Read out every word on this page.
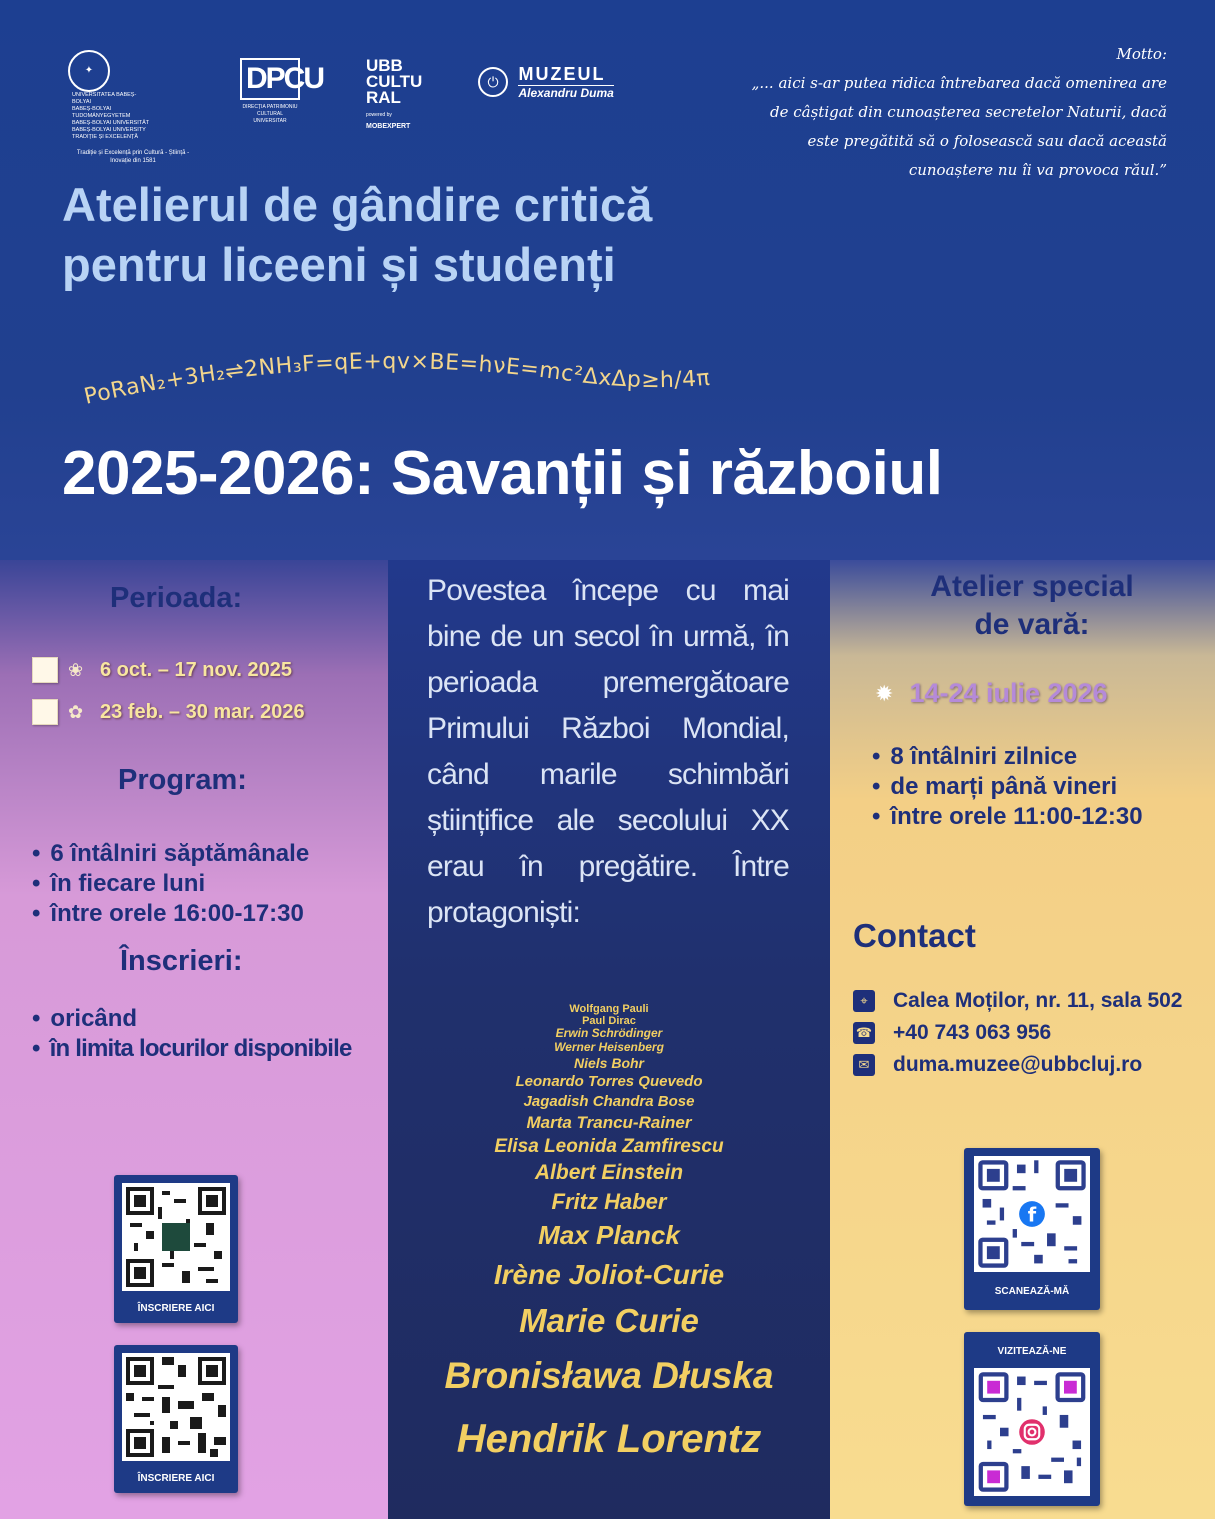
✦
UNIVERSITATEA BABEȘ-BOLYAI
BABEȘ-BOLYAI TUDOMÁNYEGYETEM
BABEȘ-BOLYAI UNIVERSITÄT
BABEȘ-BOLYAI UNIVERSITY
TRADIȚIE ȘI EXCELENȚĂ
Tradiție și Excelență prin Cultură - Știință - Inovație din 1581
DPCU
DIRECȚIA PATRIMONIU CULTURAL UNIVERSITAR
UBB
CULTU
RAL
powered by
MOBEXPERT
⏻ MUZEUL
Alexandru Duma
Motto:
„... aici s-ar putea ridica întrebarea dacă omenirea are
de câștigat din cunoașterea secretelor Naturii, dacă
este pregătită să o folosească sau dacă această
cunoaștere nu îi va provoca răul.”
Atelierul de gândire critică
pentru liceeni și studenți
PoRaN₂+3H₂⇌2NH₃F=qE+qv×BE=hνE=mc²ΔxΔp≥h/4π
2025-2026: Savanții și războiul
Perioada:
❀ 6 oct. – 17 nov. 2025
✿ 23 feb. – 30 mar. 2026
Program:
• 6 întâlniri săptămânale
• în fiecare luni
• între orele 16:00-17:30
Înscrieri:
• oricând
• în limita locurilor disponibile
ÎNSCRIERE AICI
ÎNSCRIERE AICI
Povestea începe cu mai bine de un secol în urmă, în perioada premergătoare Primului Război Mondial, când marile schimbări științifice ale secolului XX erau în pregătire. Între protagoniști:
Wolfgang Pauli
Paul Dirac
Erwin Schrödinger
Werner Heisenberg
Niels Bohr
Leonardo Torres Quevedo
Jagadish Chandra Bose
Marta Trancu-Rainer
Elisa Leonida Zamfirescu
Albert Einstein
Fritz Haber
Max Planck
Irène Joliot-Curie
Marie Curie
Bronisława Dłuska
Hendrik Lorentz
Atelier special
de vară:
✹ 14-24 iulie 2026
• 8 întâlniri zilnice
• de marți până vineri
• între orele 11:00-12:30
Contact
⌖	Calea Moților, nr. 11, sala 502
☎ +40 743 063 956
✉ duma.muzee@ubbcluj.ro
f
SCANEAZĂ-MĂ
VIZITEAZĂ-NE
